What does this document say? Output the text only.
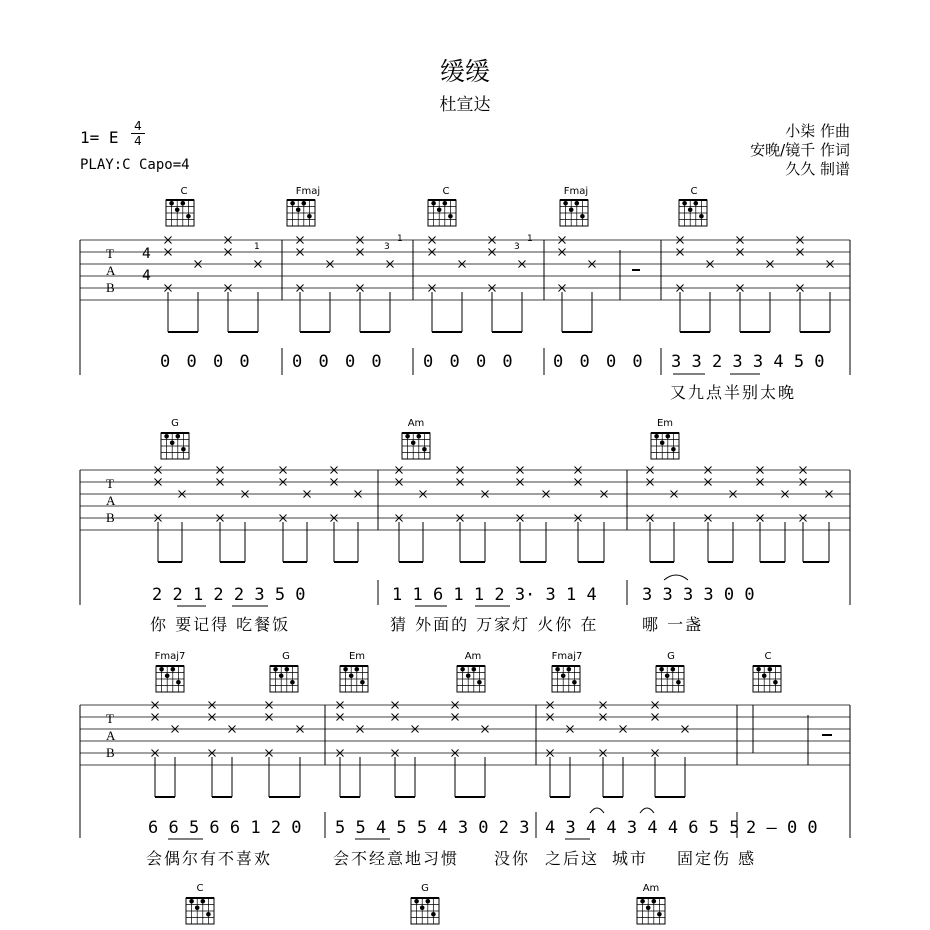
缓缓
杜宣达
1= E
4
4
PLAY:C Capo=4
小柒 作曲
安晚/镜千 作词
久久 制谱
T
A
B
T
A
B
T
A
B
C	Fmaj	C	Fmaj	C
4
4
1	3
1
3
1
0 0 0 0 0 0 0 0 0 0 0 0 0 0 0 0 3 3 2 3 3 4 5 0
又九点半别太晚
G	Am	Em
2 2 1 2 2 3 5 0	1 1 6 1 1 2 3· 3 1 4	3 3 3 3 0 0
你 要记得 吃餐饭	猜 外面的 万家灯 火你 在	哪 一盏
Fmaj7	G	Em	Am	Fmaj7	G	C
6 6 5 6 6 1 2 0 5 5 4 5 5 4 3 0 2 3 4 3 4 4 3 4 4 6 5 5 2 — 0 0
会偶尔有不喜欢	会不经意地习惯 没你 之后这 城市 固定伤 感
C	G	Am
